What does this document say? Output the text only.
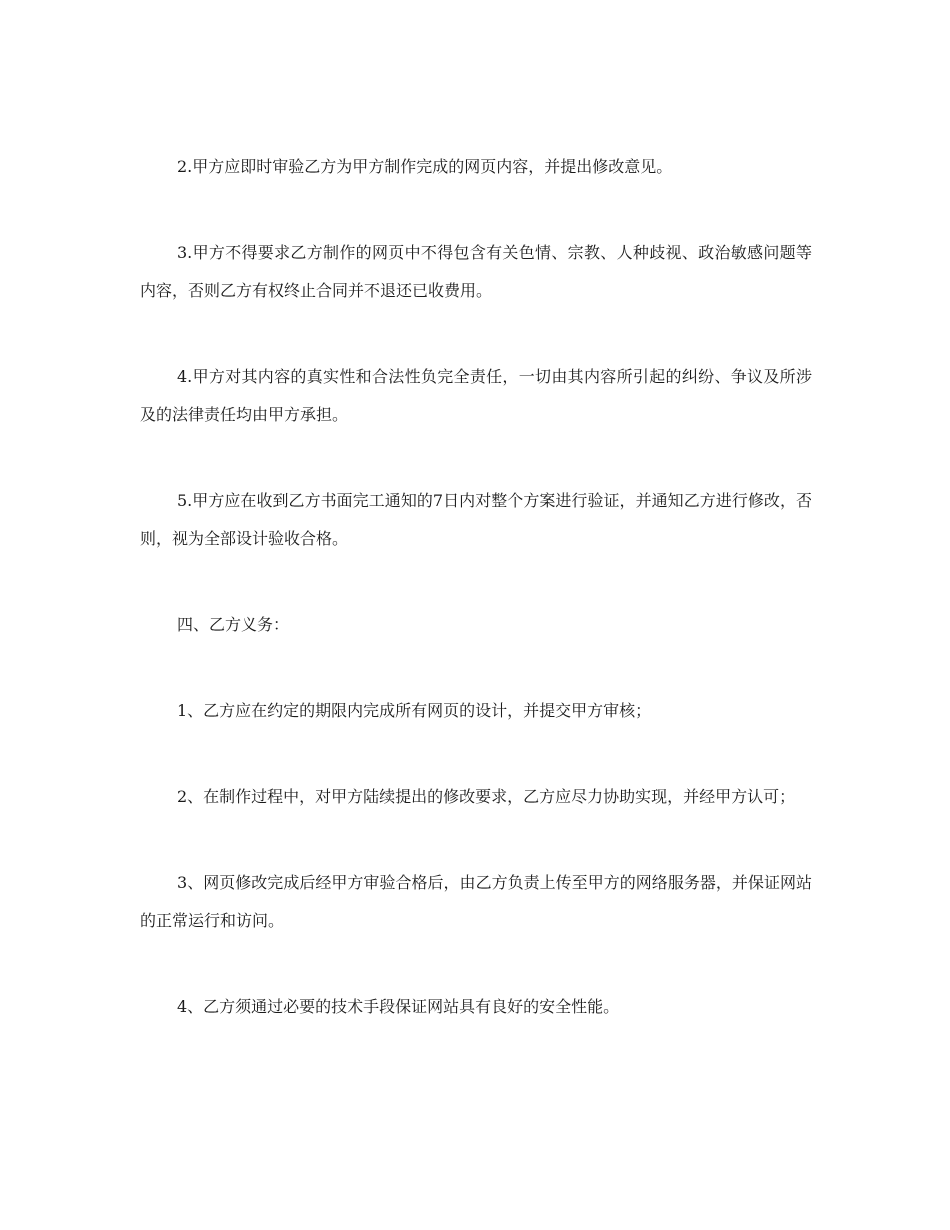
2.甲方应即时审验乙方为甲方制作完成的网页内容，并提出修改意见。

3.甲方不得要求乙方制作的网页中不得包含有关色情、宗教、人种歧视、政治敏感问题等内容，否则乙方有权终止合同并不退还已收费用。

4.甲方对其内容的真实性和合法性负完全责任，一切由其内容所引起的纠纷、争议及所涉及的法律责任均由甲方承担。

5.甲方应在收到乙方书面完工通知的7日内对整个方案进行验证，并通知乙方进行修改，否则，视为全部设计验收合格。

四、乙方义务：

1、乙方应在约定的期限内完成所有网页的设计，并提交甲方审核；

2、在制作过程中，对甲方陆续提出的修改要求，乙方应尽力协助实现，并经甲方认可；

3、网页修改完成后经甲方审验合格后，由乙方负责上传至甲方的网络服务器，并保证网站的正常运行和访问。

4、乙方须通过必要的技术手段保证网站具有良好的安全性能。
